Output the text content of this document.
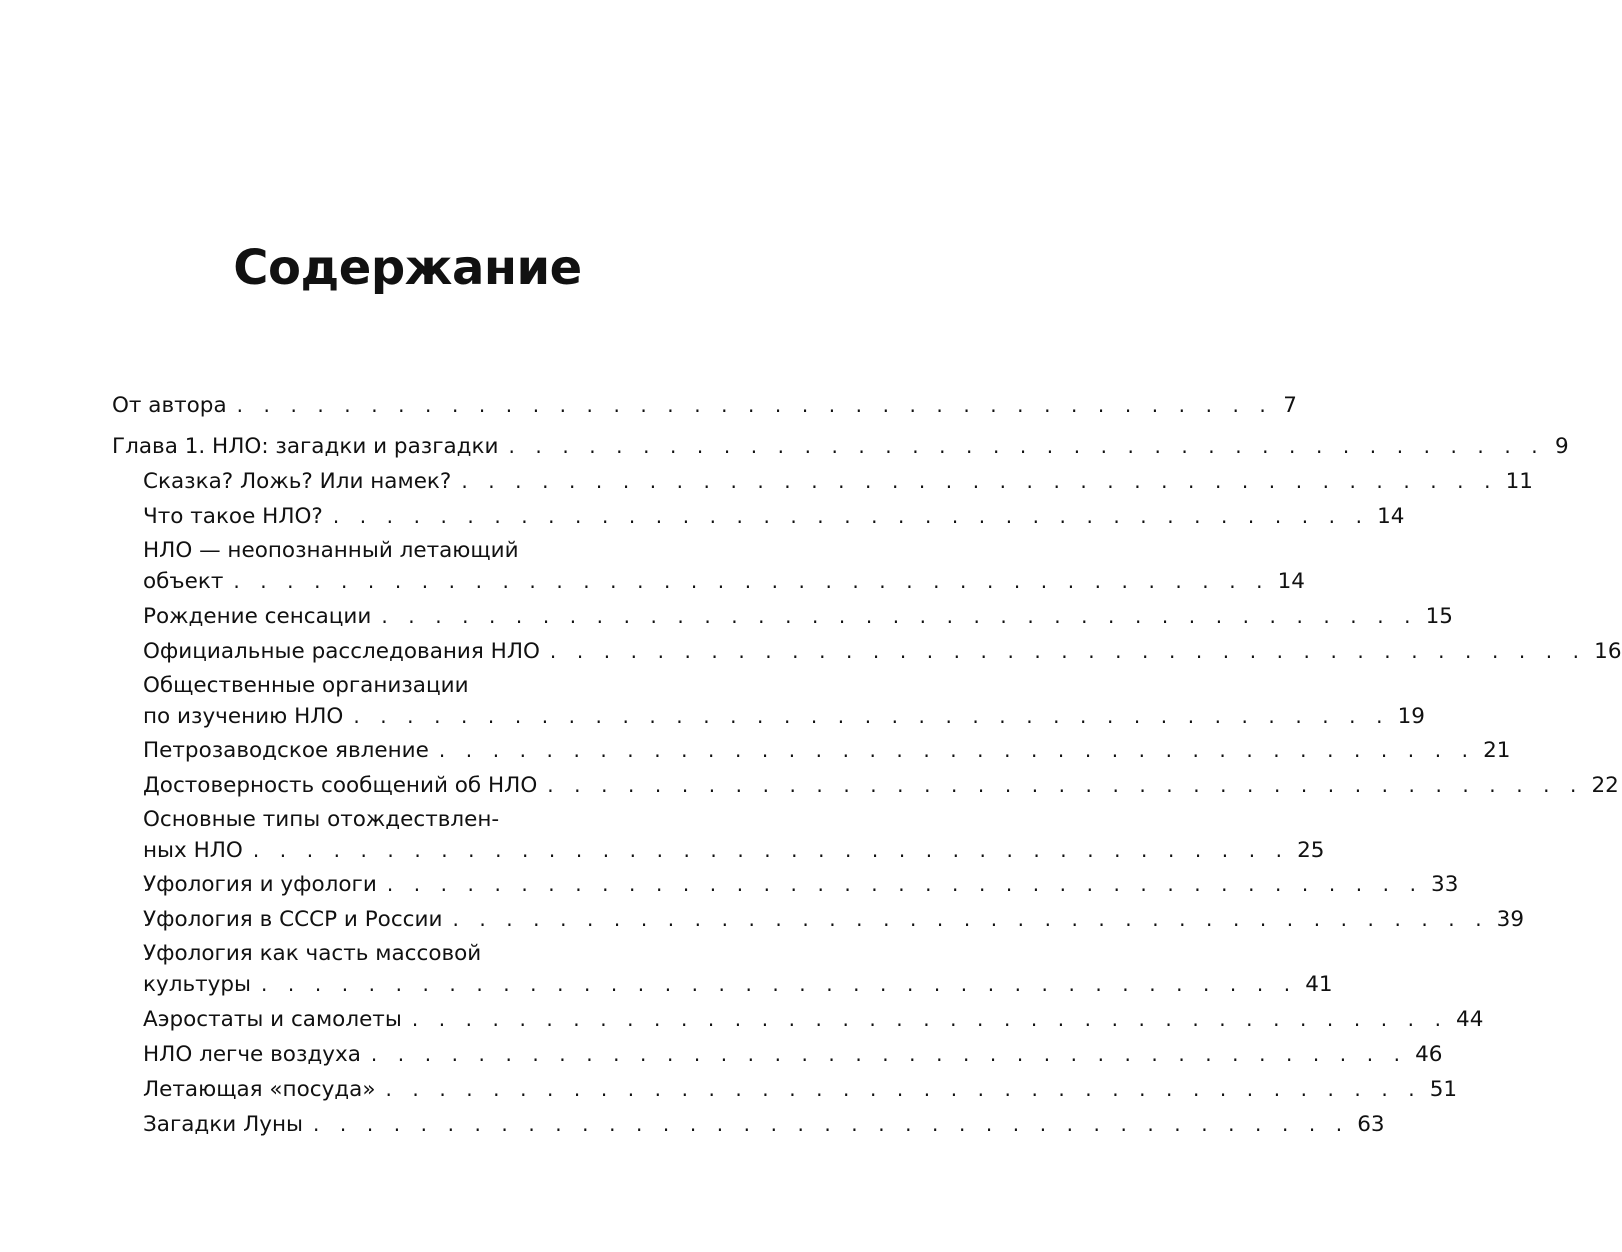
Содержание
От автора . . . . . . . . . . . . . . . . . . . . . . . . . . . . . . . . . . . . . . . 7
Глава 1. НЛО: загадки и разгадки . . . . . . . . . . . . . . . . . . . . . . . . . . . . . . . . . . . . . . . 9
Сказка? Ложь? Или намек? . . . . . . . . . . . . . . . . . . . . . . . . . . . . . . . . . . . . . . . 11
Что такое НЛО? . . . . . . . . . . . . . . . . . . . . . . . . . . . . . . . . . . . . . . . 14
НЛО — неопознанный летающий
объект . . . . . . . . . . . . . . . . . . . . . . . . . . . . . . . . . . . . . . . 14
Рождение сенсации . . . . . . . . . . . . . . . . . . . . . . . . . . . . . . . . . . . . . . . 15
Официальные расследования НЛО . . . . . . . . . . . . . . . . . . . . . . . . . . . . . . . . . . . . . . . 16
Общественные организации
по изучению НЛО . . . . . . . . . . . . . . . . . . . . . . . . . . . . . . . . . . . . . . . 19
Петрозаводское явление . . . . . . . . . . . . . . . . . . . . . . . . . . . . . . . . . . . . . . . 21
Достоверность сообщений об НЛО . . . . . . . . . . . . . . . . . . . . . . . . . . . . . . . . . . . . . . . 22
Основные типы отождествлен-
ных НЛО . . . . . . . . . . . . . . . . . . . . . . . . . . . . . . . . . . . . . . . 25
Уфология и уфологи . . . . . . . . . . . . . . . . . . . . . . . . . . . . . . . . . . . . . . . 33
Уфология в СССР и России . . . . . . . . . . . . . . . . . . . . . . . . . . . . . . . . . . . . . . . 39
Уфология как часть массовой
культуры . . . . . . . . . . . . . . . . . . . . . . . . . . . . . . . . . . . . . . . 41
Аэростаты и самолеты . . . . . . . . . . . . . . . . . . . . . . . . . . . . . . . . . . . . . . . 44
НЛО легче воздуха . . . . . . . . . . . . . . . . . . . . . . . . . . . . . . . . . . . . . . . 46
Летающая «посуда» . . . . . . . . . . . . . . . . . . . . . . . . . . . . . . . . . . . . . . . 51
Загадки Луны . . . . . . . . . . . . . . . . . . . . . . . . . . . . . . . . . . . . . . . 63
